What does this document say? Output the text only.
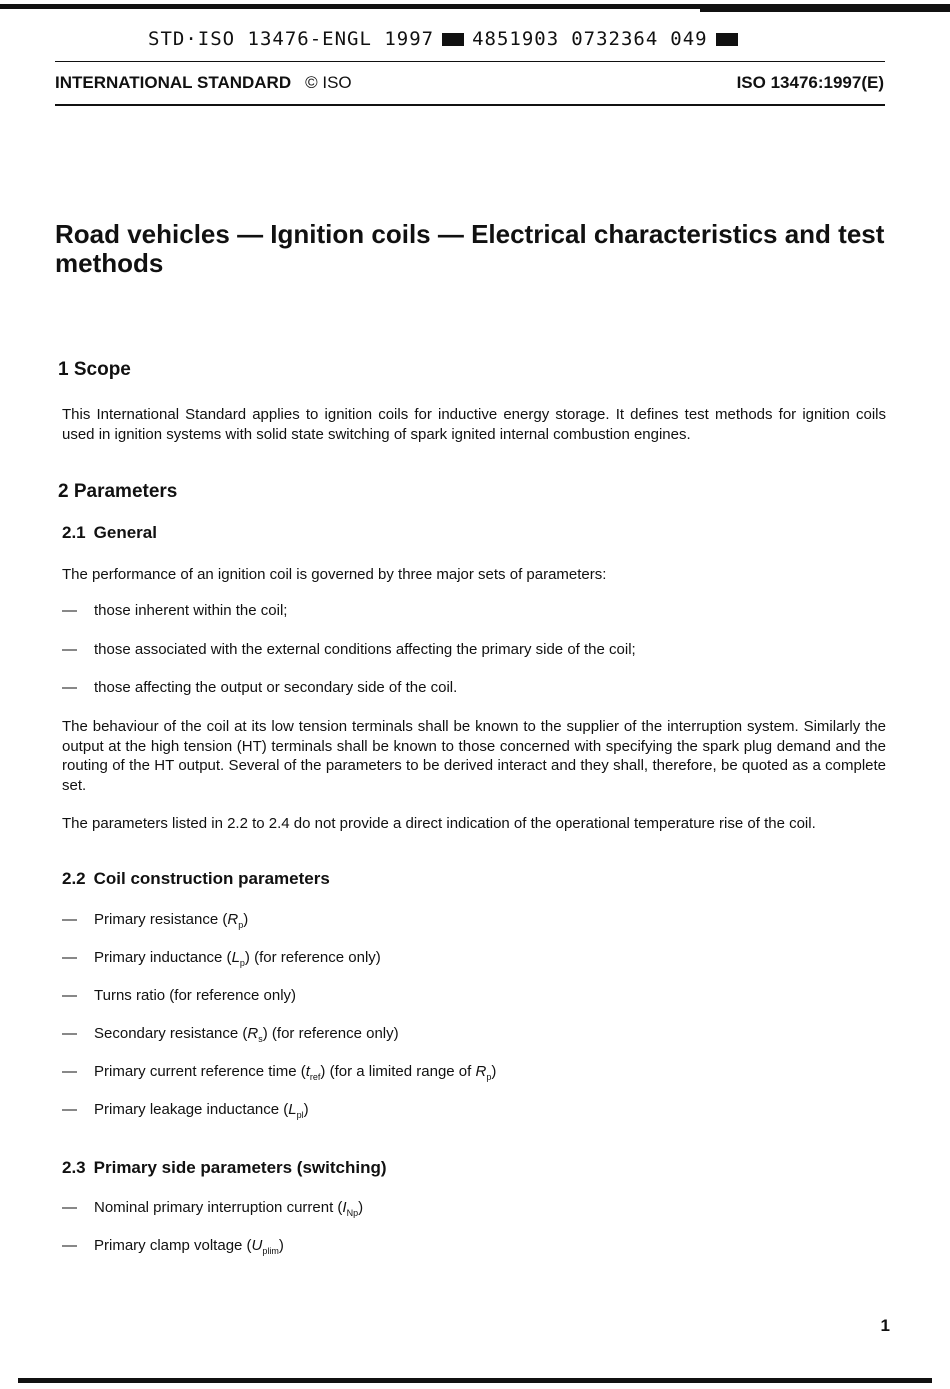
STD·ISO 13476-ENGL 1997 4851903 0732364 049
INTERNATIONAL STANDARD © ISO	ISO 13476:1997(E)
Road vehicles — Ignition coils — Electrical characteristics and test methods
1 Scope
This International Standard applies to ignition coils for inductive energy storage. It defines test methods for ignition coils used in ignition systems with solid state switching of spark ignited internal combustion engines.
2 Parameters
2.1 General
The performance of an ignition coil is governed by three major sets of parameters:
— those inherent within the coil;
— those associated with the external conditions affecting the primary side of the coil;
— those affecting the output or secondary side of the coil.
The behaviour of the coil at its low tension terminals shall be known to the supplier of the interruption system. Similarly the output at the high tension (HT) terminals shall be known to those concerned with specifying the spark plug demand and the routing of the HT output. Several of the parameters to be derived interact and they shall, therefore, be quoted as a complete set.
The parameters listed in 2.2 to 2.4 do not provide a direct indication of the operational temperature rise of the coil.
2.2 Coil construction parameters
— Primary resistance $(R_p)$
— Primary inductance $(L_p)$ (for reference only)
— Turns ratio (for reference only)
— Secondary resistance $(R_s)$ (for reference only)
— Primary current reference time $(t_{ref})$ (for a limited range of $R_p$)
— Primary leakage inductance $(L_{pl})$
2.3 Primary side parameters (switching)
— Nominal primary interruption current $(I_{Np})$
— Primary clamp voltage $(U_{plim})$
1
